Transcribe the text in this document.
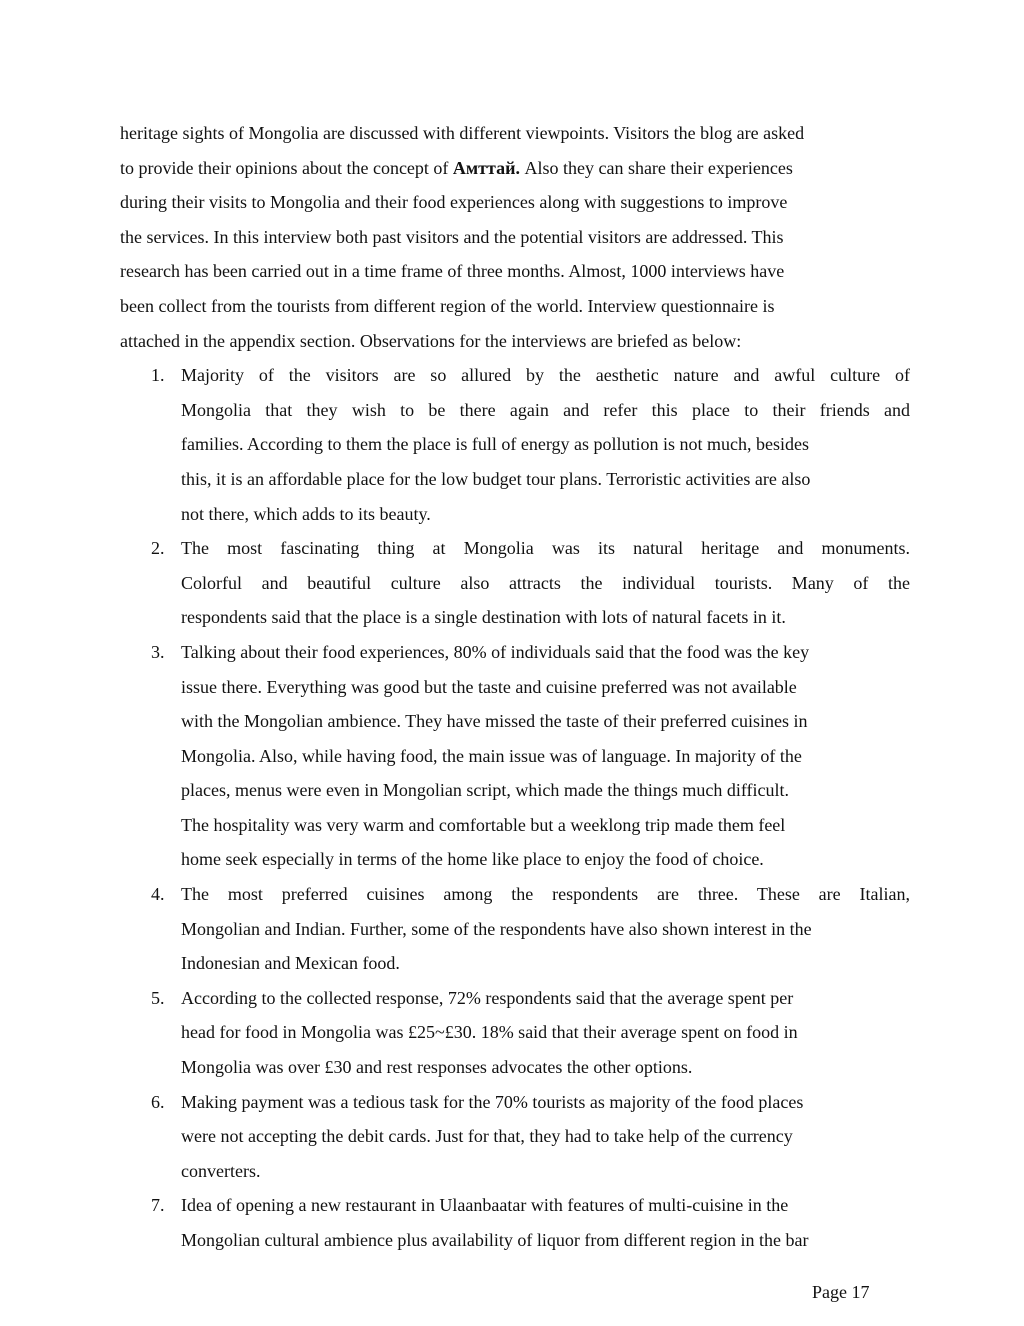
heritage sights of Mongolia are discussed with different viewpoints. Visitors the blog are asked
to provide their opinions about the concept of Амттай. Also they can share their experiences
during their visits to Mongolia and their food experiences along with suggestions to improve
the services. In this interview both past visitors and the potential visitors are addressed. This
research has been carried out in a time frame of three months. Almost, 1000 interviews have
been collect from the tourists from different region of the world. Interview questionnaire is
attached in the appendix section. Observations for the interviews are briefed as below:
1. Majority of the visitors are so allured by the aesthetic nature and awful culture of
Mongolia that they wish to be there again and refer this place to their friends and
families. According to them the place is full of energy as pollution is not much, besides
this, it is an affordable place for the low budget tour plans. Terroristic activities are also
not there, which adds to its beauty.
2. The most fascinating thing at Mongolia was its natural heritage and monuments.
Colorful and beautiful culture also attracts the individual tourists. Many of the
respondents said that the place is a single destination with lots of natural facets in it.
3. Talking about their food experiences, 80% of individuals said that the food was the key
issue there. Everything was good but the taste and cuisine preferred was not available
with the Mongolian ambience. They have missed the taste of their preferred cuisines in
Mongolia. Also, while having food, the main issue was of language. In majority of the
places, menus were even in Mongolian script, which made the things much difficult.
The hospitality was very warm and comfortable but a weeklong trip made them feel
home seek especially in terms of the home like place to enjoy the food of choice.
4. The most preferred cuisines among the respondents are three. These are Italian,
Mongolian and Indian. Further, some of the respondents have also shown interest in the
Indonesian and Mexican food.
5. According to the collected response, 72% respondents said that the average spent per
head for food in Mongolia was £25~£30. 18% said that their average spent on food in
Mongolia was over £30 and rest responses advocates the other options.
6. Making payment was a tedious task for the 70% tourists as majority of the food places
were not accepting the debit cards. Just for that, they had to take help of the currency
converters.
7. Idea of opening a new restaurant in Ulaanbaatar with features of multi-cuisine in the
Mongolian cultural ambience plus availability of liquor from different region in the bar
Page 17
